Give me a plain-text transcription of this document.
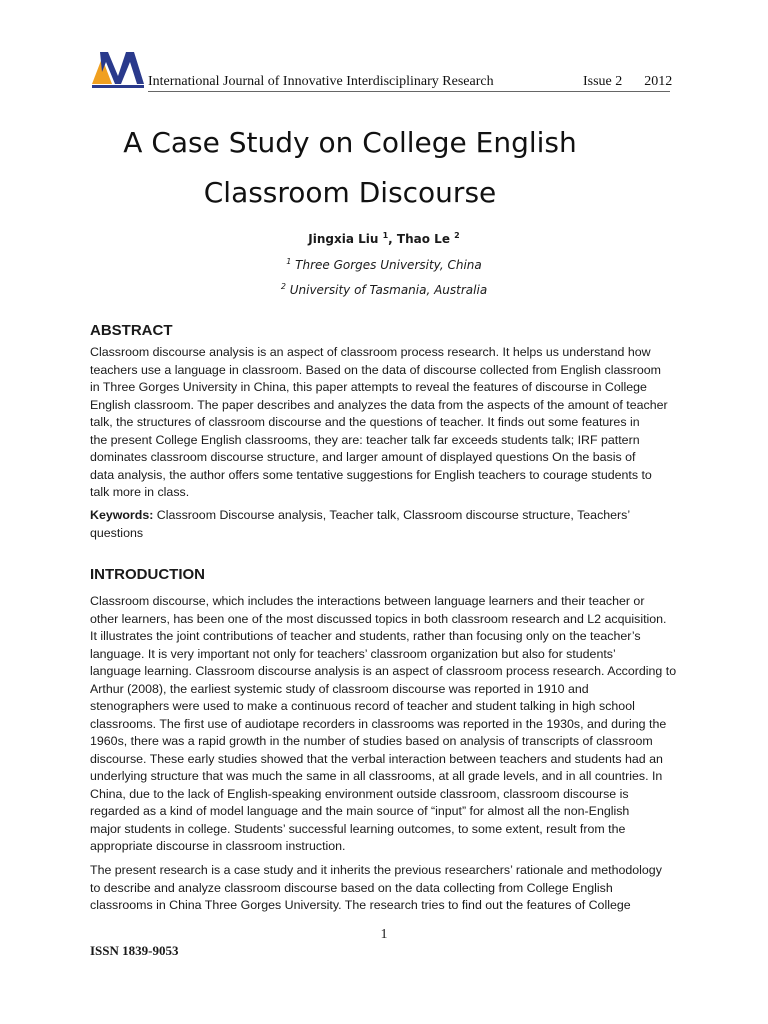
International Journal of Innovative Interdisciplinary Research	Issue 2 2012
A Case Study on College English
Classroom Discourse
Jingxia Liu $^1$, Thao Le $^2$
$^1$ Three Gorges University, China
$^2$ University of Tasmania, Australia
ABSTRACT
Classroom discourse analysis is an aspect of classroom process research. It helps us understand how
teachers use a language in classroom. Based on the data of discourse collected from English classroom
in Three Gorges University in China, this paper attempts to reveal the features of discourse in College
English classroom. The paper describes and analyzes the data from the aspects of the amount of teacher
talk, the structures of classroom discourse and the questions of teacher. It finds out some features in
the present College English classrooms, they are: teacher talk far exceeds students talk; IRF pattern
dominates classroom discourse structure, and larger amount of displayed questions On the basis of
data analysis, the author offers some tentative suggestions for English teachers to courage students to
talk more in class.
Keywords: Classroom Discourse analysis, Teacher talk, Classroom discourse structure, Teachers’
questions
INTRODUCTION
Classroom discourse, which includes the interactions between language learners and their teacher or
other learners, has been one of the most discussed topics in both classroom research and L2 acquisition.
It illustrates the joint contributions of teacher and students, rather than focusing only on the teacher’s
language. It is very important not only for teachers’ classroom organization but also for students’
language learning. Classroom discourse analysis is an aspect of classroom process research. According to
Arthur (2008), the earliest systemic study of classroom discourse was reported in 1910 and
stenographers were used to make a continuous record of teacher and student talking in high school
classrooms. The first use of audiotape recorders in classrooms was reported in the 1930s, and during the
1960s, there was a rapid growth in the number of studies based on analysis of transcripts of classroom
discourse. These early studies showed that the verbal interaction between teachers and students had an
underlying structure that was much the same in all classrooms, at all grade levels, and in all countries. In
China, due to the lack of English-speaking environment outside classroom, classroom discourse is
regarded as a kind of model language and the main source of “input” for almost all the non-English
major students in college. Students’ successful learning outcomes, to some extent, result from the
appropriate discourse in classroom instruction.
The present research is a case study and it inherits the previous researchers’ rationale and methodology
to describe and analyze classroom discourse based on the data collecting from College English
classrooms in China Three Gorges University. The research tries to find out the features of College
1
ISSN 1839-9053
